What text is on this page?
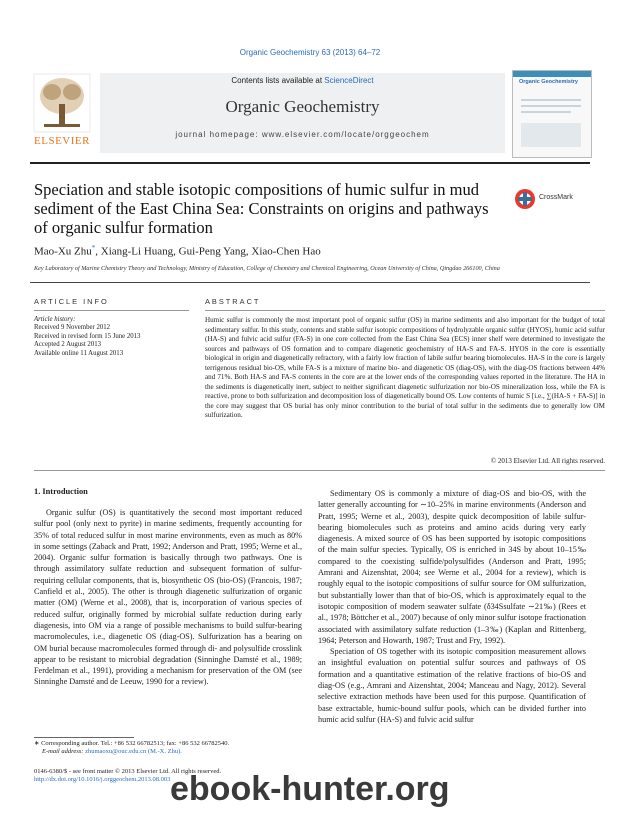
Organic Geochemistry 63 (2013) 64–72
ELSEVIER
Contents lists available at ScienceDirect
Organic Geochemistry
journal homepage: www.elsevier.com/locate/orggeochem
Organic Geochemistry
Speciation and stable isotopic compositions of humic sulfur in mud sediment of the East China Sea: Constraints on origins and pathways of organic sulfur formation
CrossMark
Mao-Xu Zhu*, Xiang-Li Huang, Gui-Peng Yang, Xiao-Chen Hao
Key Laboratory of Marine Chemistry Theory and Technology, Ministry of Education, College of Chemistry and Chemical Engineering, Ocean University of China, Qingdao 266100, China
ARTICLE INFO
Article history:
Received 9 November 2012
Received in revised form 15 June 2013
Accepted 2 August 2013
Available online 11 August 2013
ABSTRACT
Humic sulfur is commonly the most important pool of organic sulfur (OS) in marine sediments and also important for the budget of total sedimentary sulfur. In this study, contents and stable sulfur isotopic compositions of hydrolyzable organic sulfur (HYOS), humic acid sulfur (HA-S) and fulvic acid sulfur (FA-S) in one core collected from the East China Sea (ECS) inner shelf were determined to investigate the sources and pathways of OS formation and to compare diagenetic geochemistry of HA-S and FA-S. HYOS in the core is essentially biological in origin and diagenetically refractory, with a fairly low fraction of labile sulfur bearing biomolecules. HA-S in the core is largely terrigenous residual bio-OS, while FA-S is a mixture of marine bio- and diagenetic OS (diag-OS), with the diag-OS fractions between 44% and 71%. Both HA-S and FA-S contents in the core are at the lower ends of the corresponding values reported in the literature. The HA in the sediments is diagenetically inert, subject to neither significant diagenetic sulfurization nor bio-OS mineralization loss, while the FA is reactive, prone to both sulfurization and decomposition loss of diagenetically bound OS. Low contents of humic S [i.e., ∑(HA-S + FA-S)] in the core may suggest that OS burial has only minor contribution to the burial of total sulfur in the sediments due to generally low OM sulfurization.
© 2013 Elsevier Ltd. All rights reserved.
1. Introduction

Organic sulfur (OS) is quantitatively the second most important reduced sulfur pool (only next to pyrite) in marine sediments, frequently accounting for 35% of total reduced sulfur in most marine environments, even as much as 80% in some settings (Zaback and Pratt, 1992; Anderson and Pratt, 1995; Werne et al., 2004). Organic sulfur formation is basically through two pathways. One is through assimilatory sulfate reduction and subsequent formation of sulfur-requiring cellular components, that is, biosynthetic OS (bio-OS) (Francois, 1987; Canfield et al., 2005). The other is through diagenetic sulfurization of organic matter (OM) (Werne et al., 2008), that is, incorporation of various species of reduced sulfur, originally formed by microbial sulfate reduction during early diagenesis, into OM via a range of possible mechanisms to build sulfur-bearing macromolecules, i.e., diagenetic OS (diag-OS). Sulfurization has a bearing on OM burial because macromolecules formed through di- and polysulfide crosslink appear to be resistant to microbial degradation (Sinninghe Damsté et al., 1989; Ferdelman et al., 1991), providing a mechanism for preservation of the OM (see Sinninghe Damsté and de Leeuw, 1990 for a review).

Sedimentary OS is commonly a mixture of diag-OS and bio-OS, with the latter generally accounting for ∼10–25% in marine environments (Anderson and Pratt, 1995; Werne et al., 2003), despite quick decomposition of labile sulfur-bearing biomolecules such as proteins and amino acids during very early diagenesis. A mixed source of OS has been supported by isotopic compositions of the main sulfur species. Typically, OS is enriched in 34S by about 10–15‰ compared to the coexisting sulfide/polysulfides (Anderson and Pratt, 1995; Amrani and Aizenshtat, 2004; see Werne et al., 2004 for a review), which is roughly equal to the isotopic compositions of sulfur source for OM sulfurization, but substantially lower than that of bio-OS, which is approximately equal to the isotopic composition of modern seawater sulfate (δ34Ssulfate ∼21‰) (Rees et al., 1978; Böttcher et al., 2007) because of only minor sulfur isotope fractionation associated with assimilatory sulfate reduction (1–3‰) (Kaplan and Rittenberg, 1964; Peterson and Howarth, 1987; Trust and Fry, 1992).

Speciation of OS together with its isotopic composition measurement allows an insightful evaluation on potential sulfur sources and pathways of OS formation and a quantitative estimation of the relative fractions of bio-OS and diag-OS (e.g., Amrani and Aizenshtat, 2004; Manceau and Nagy, 2012). Several selective extraction methods have been used for this purpose. Quantification of base extractable, humic-bound sulfur pools, which can be divided further into humic acid sulfur (HA-S) and fulvic acid sulfur

∗ Corresponding author. Tel.: +86 532 66782513; fax: +86 532 66782540.
E-mail address: zhumaoxu@ouc.edu.cn (M.-X. Zhu).
0146-6380/$ - see front matter © 2013 Elsevier Ltd. All rights reserved.
http://dx.doi.org/10.1016/j.orggeochem.2013.08.003 ebook-hunter.org
